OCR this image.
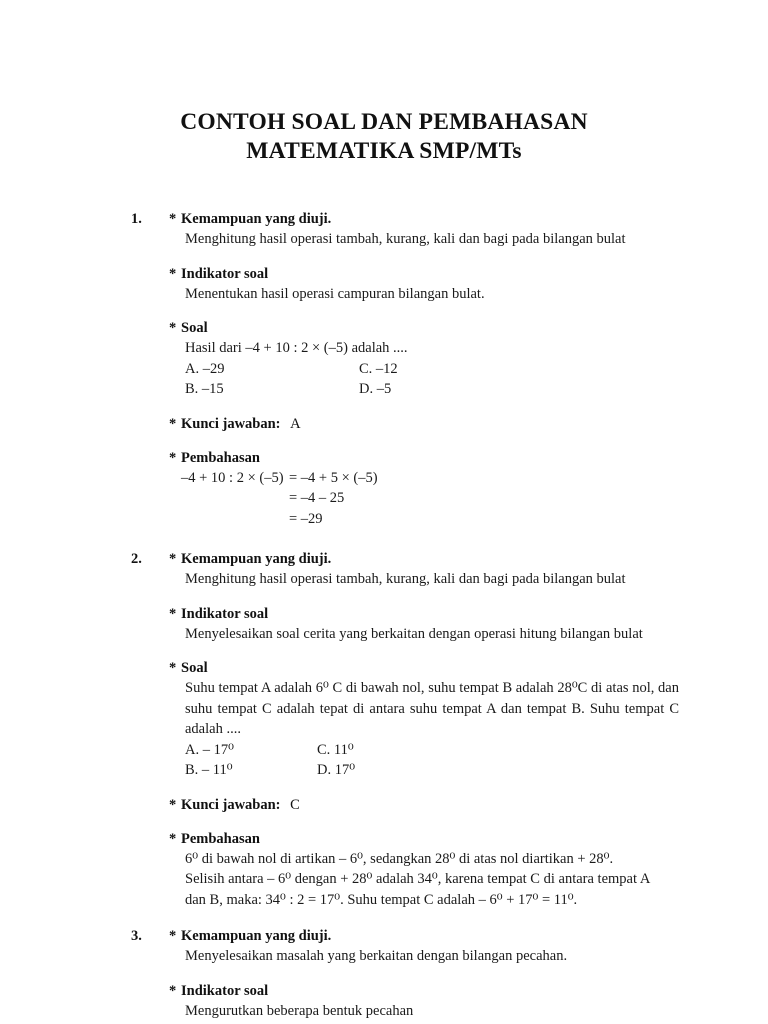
CONTOH SOAL DAN PEMBAHASAN
MATEMATIKA SMP/MTs
1.	* Kemampuan yang diuji.

Menghitung hasil operasi tambah, kurang, kali dan bagi pada bilangan bulat

* Indikator soal

Menentukan hasil operasi campuran bilangan bulat.

* Soal

Hasil dari –4 + 10 : 2 × (–5) adalah ....

A. –29	C. –12
B. –15	D. –5
* Kunci jawaban: A
* Pembahasan
–4 + 10 : 2 × (–5) = –4 + 5 × (–5)
= –4 – 25
= –29
2.	* Kemampuan yang diuji.

Menghitung hasil operasi tambah, kurang, kali dan bagi pada bilangan bulat

* Indikator soal

Menyelesaikan soal cerita yang berkaitan dengan operasi hitung bilangan bulat

* Soal

Suhu tempat A adalah 6⁰ C di bawah nol, suhu tempat B adalah 28⁰C di atas nol, dan suhu tempat C adalah tepat di antara suhu tempat A dan tempat B. Suhu tempat C adalah ....

A. – 17⁰	C. 11⁰
B. – 11⁰	D. 17⁰
* Kunci jawaban: C
* Pembahasan

6⁰ di bawah nol di artikan – 6⁰, sedangkan 28⁰ di atas nol diartikan + 28⁰.

Selisih antara – 6⁰ dengan + 28⁰ adalah 34⁰, karena tempat C di antara tempat A

dan B, maka: 34⁰ : 2 = 17⁰. Suhu tempat C adalah – 6⁰ + 17⁰ = 11⁰.

3.	* Kemampuan yang diuji.

Menyelesaikan masalah yang berkaitan dengan bilangan pecahan.

* Indikator soal

Mengurutkan beberapa bentuk pecahan
